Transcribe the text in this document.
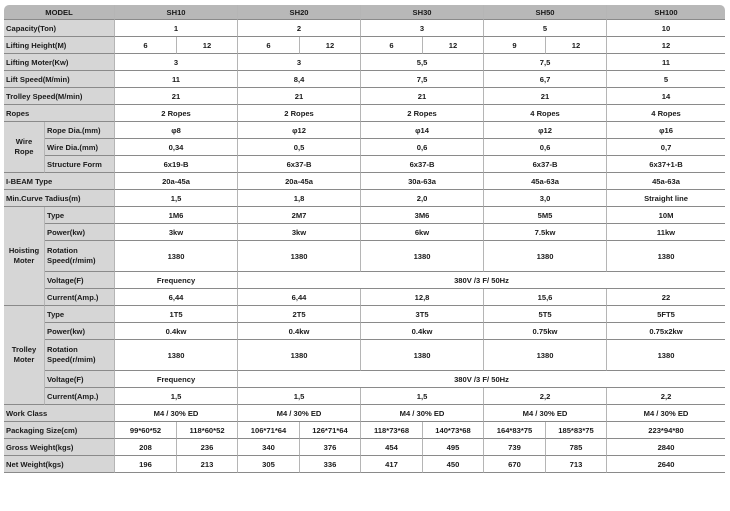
MODEL		SH10		SH20		SH30		SH50		SH100
Capacity(Ton)		1		2		3		5		10
Lifting Height(M)		6	12	6	12	6	12	9	12	12
Lifting Moter(Kw)		3		3		5,5		7,5		11
Lift Speed(M/min)		11		8,4		7,5		6,7		5
Trolley Speed(M/min)		21		21		21		21		14
Ropes		2 Ropes		2 Ropes		2 Ropes		4 Ropes		4 Ropes
Wire Rope	Rope Dia.(mm)	φ8		φ12		φ14		φ12		φ16
	Wire Dia.(mm)	0,34		0,5		0,6		0,6		0,7
	Structure Form	6x19-B		6x37-B		6x37-B		6x37-B		6x37+1-B
I-BEAM Type		20a-45a		20a-45a		30a-63a		45a-63a		45a-63a
Min.Curve Tadius(m)		1,5		1,8		2,0		3,0		Straight line
Hoisting Moter	Type	1M6		2M7		3M6		5M5		10M
	Power(kw)	3kw		3kw		6kw		7.5kw		11kw
	Rotation Speed(r/mim)	1380		1380		1380		1380		1380
	Voltage(F)	Frequency		380V /3 F/ 50Hz						
	Current(Amp.)	6,44		6,44		12,8		15,6		22
Trolley Moter	Type	1T5		2T5		3T5		5T5		5FT5
	Power(kw)	0.4kw		0.4kw		0.4kw		0.75kw		0.75x2kw
	Rotation Speed(r/mim)	1380		1380		1380		1380		1380
	Voltage(F)	Frequency		380V /3 F/ 50Hz						
	Current(Amp.)	1,5		1,5		1,5		2,2		2,2
Work Class		M4 / 30% ED		M4 / 30% ED		M4 / 30% ED		M4 / 30% ED		M4 / 30% ED
Packaging Size(cm)		99*60*52	118*60*52	106*71*64	126*71*64	118*73*68	140*73*68	164*83*75	185*83*75	223*94*80
Gross Weight(kgs)		208	236	340	376	454	495	739	785	2840
Net Weight(kgs)		196	213	305	336	417	450	670	713	2640
